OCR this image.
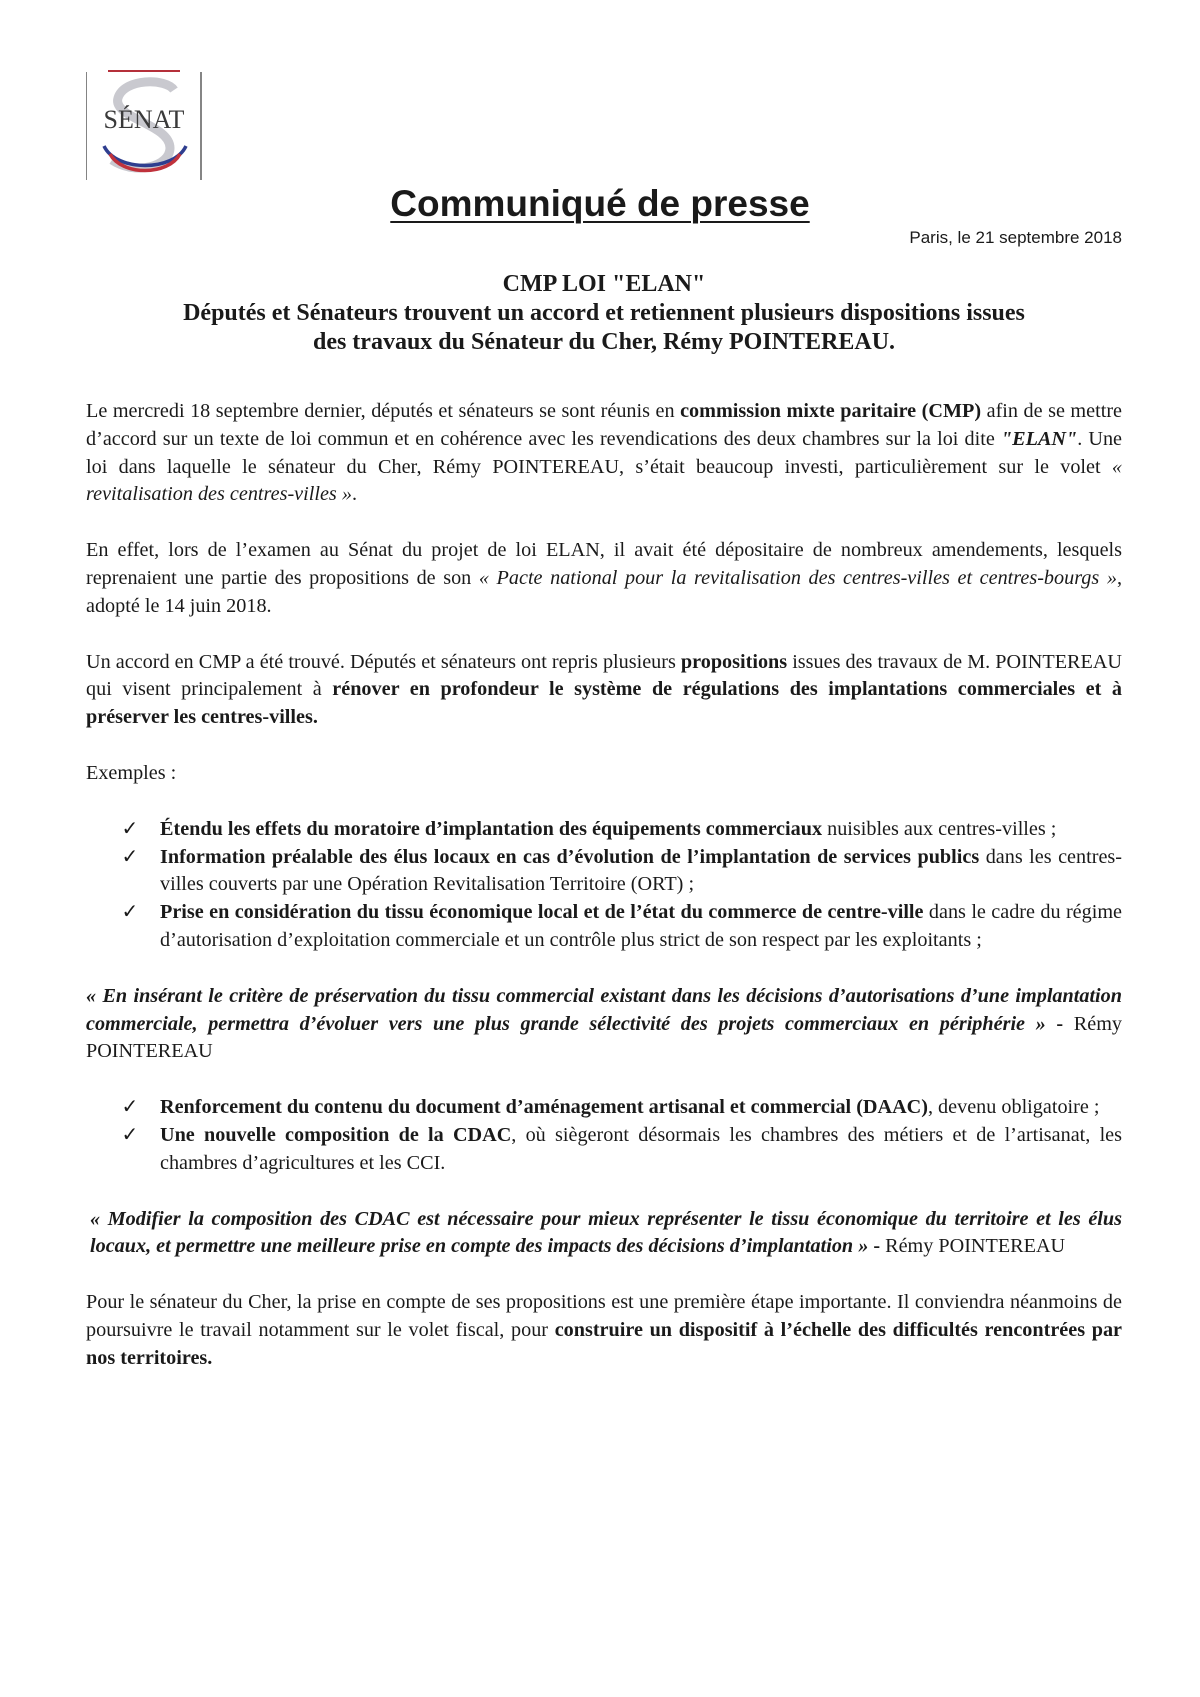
SÉNAT
Communiqué de presse
Paris, le 21 septembre 2018
CMP LOI "ELAN"
Députés et Sénateurs trouvent un accord et retiennent plusieurs dispositions issues
des travaux du Sénateur du Cher, Rémy POINTEREAU.

Le mercredi 18 septembre dernier, députés et sénateurs se sont réunis en commission mixte paritaire (CMP) afin de se mettre d’accord sur un texte de loi commun et en cohérence avec les revendications des deux chambres sur la loi dite "ELAN". Une loi dans laquelle le sénateur du Cher, Rémy POINTEREAU, s’était beaucoup investi, particulièrement sur le volet « revitalisation des centres-villes ».

En effet, lors de l’examen au Sénat du projet de loi ELAN, il avait été dépositaire de nombreux amendements, lesquels reprenaient une partie des propositions de son « Pacte national pour la revitalisation des centres-villes et centres-bourgs », adopté le 14 juin 2018.

Un accord en CMP a été trouvé. Députés et sénateurs ont repris plusieurs propositions issues des travaux de M. POINTEREAU qui visent principalement à rénover en profondeur le système de régulations des implantations commerciales et à préserver les centres-villes.

Exemples :

✓ Étendu les effets du moratoire d’implantation des équipements commerciaux nuisibles aux centres-villes ;
✓ Information préalable des élus locaux en cas d’évolution de l’implantation de services publics dans les centres-villes couverts par une Opération Revitalisation Territoire (ORT) ;
✓ Prise en considération du tissu économique local et de l’état du commerce de centre-ville dans le cadre du régime d’autorisation d’exploitation commerciale et un contrôle plus strict de son respect par les exploitants ;

« En insérant le critère de préservation du tissu commercial existant dans les décisions d’autorisations d’une implantation commerciale, permettra d’évoluer vers une plus grande sélectivité des projets commerciaux en périphérie » - Rémy POINTEREAU

✓ Renforcement du contenu du document d’aménagement artisanal et commercial (DAAC), devenu obligatoire ;
✓ Une nouvelle composition de la CDAC, où siègeront désormais les chambres des métiers et de l’artisanat, les chambres d’agricultures et les CCI.

« Modifier la composition des CDAC est nécessaire pour mieux représenter le tissu économique du territoire et les élus locaux, et permettre une meilleure prise en compte des impacts des décisions d’implantation » - Rémy POINTEREAU

Pour le sénateur du Cher, la prise en compte de ses propositions est une première étape importante. Il conviendra néanmoins de poursuivre le travail notamment sur le volet fiscal, pour construire un dispositif à l’échelle des difficultés rencontrées par nos territoires.
